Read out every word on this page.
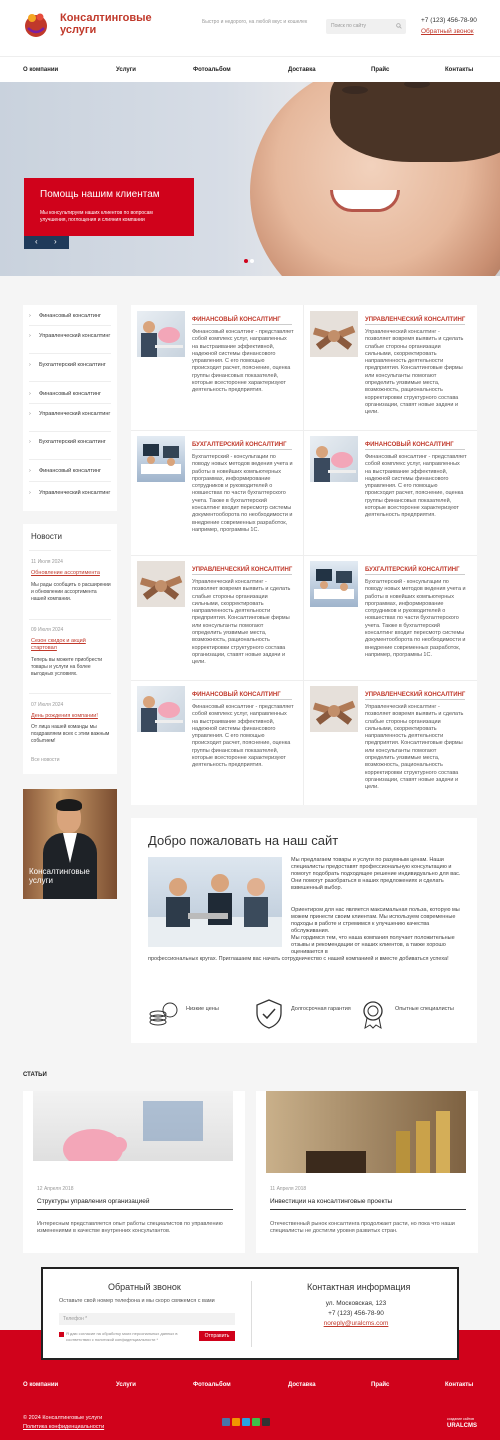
Консалтинговые услуги
Быстро и недорого, на любой вкус и кошелек
Поиск по сайту
+7 (123) 456-78-90
Обратный звонок
О компании	Услуги	Фотоальбом	Доставка	Прайс	Контакты
Помощь нашим клиентам
Мы консультируем наших клиентов по вопросам улучшения, поглощения и слияния компании
‹ ›
› Финансовый консалтинг
› Управленческий консалтинг
› Бухгалтерский консалтинг
› Финансовый консалтинг
› Управленческий консалтинг
› Бухгалтерский консалтинг
› Финансовый консалтинг
› Управленческий консалтинг
Новости
11 Июля 2024
Обновление ассортимента
Мы рады сообщить о расширении и обновлении ассортимента нашей компании.
09 Июля 2024
Сезон скидок и акций стартовал
Теперь вы можете приобрести товары и услуги на более выгодных условиях.
07 Июля 2024
День рождения компании!
От лица нашей команды мы поздравляем всех с этим важным событием!
Все новости
Консалтинговые услуги
ФИНАНСОВЫЙ КОНСАЛТИНГ
Финансовый консалтинг - представляет собой комплекс услуг, направленных на выстраивание эффективной, надежной системы финансового управления. С его помощью происходит расчет, пояснение, оценка группы финансовых показателей, которые всесторонне характеризуют деятельность предприятия.
УПРАВЛЕНЧЕСКИЙ КОНСАЛТИНГ
Управленческий консалтинг - позволяет вовремя выявить и сделать слабые стороны организации сильными, скорректировать направленность деятельности предприятия. Консалтинговые фирмы или консультанты помогают определить уязвимые места, возможность, рациональность корректировки структурного состава организации, ставят новые задачи и цели.
БУХГАЛТЕРСКИЙ КОНСАЛТИНГ
Бухгалтерский - консультации по поводу новых методов ведения учета и работы в новейших компьютерных программах, информирование сотрудников и руководителей о новшествах по части бухгалтерского учета. Также в бухгалтерский консалтинг входит пересмотр системы документооборота по необходимости и внедрение современных разработок, например, программы 1С.
ФИНАНСОВЫЙ КОНСАЛТИНГ
Финансовый консалтинг - представляет собой комплекс услуг, направленных на выстраивание эффективной, надежной системы финансового управления. С его помощью происходит расчет, пояснение, оценка группы финансовых показателей, которые всесторонне характеризуют деятельность предприятия.
УПРАВЛЕНЧЕСКИЙ КОНСАЛТИНГ
Управленческий консалтинг - позволяет вовремя выявить и сделать слабые стороны организации сильными, скорректировать направленность деятельности предприятия. Консалтинговые фирмы или консультанты помогают определить уязвимые места, возможность, рациональность корректировки структурного состава организации, ставят новые задачи и цели.
БУХГАЛТЕРСКИЙ КОНСАЛТИНГ
Бухгалтерский - консультации по поводу новых методов ведения учета и работы в новейших компьютерных программах, информирование сотрудников и руководителей о новшествах по части бухгалтерского учета. Также в бухгалтерский консалтинг входит пересмотр системы документооборота по необходимости и внедрение современных разработок, например, программы 1С.
ФИНАНСОВЫЙ КОНСАЛТИНГ
Финансовый консалтинг - представляет собой комплекс услуг, направленных на выстраивание эффективной, надежной системы финансового управления. С его помощью происходит расчет, пояснение, оценка группы финансовых показателей, которые всесторонне характеризуют деятельность предприятия.
УПРАВЛЕНЧЕСКИЙ КОНСАЛТИНГ
Управленческий консалтинг - позволяет вовремя выявить и сделать слабые стороны организации сильными, скорректировать направленность деятельности предприятия. Консалтинговые фирмы или консультанты помогают определить уязвимые места, возможность, рациональность корректировки структурного состава организации, ставят новые задачи и цели.
Добро пожаловать на наш сайт
Мы предлагаем товары и услуги по разумным ценам. Наши специалисты предоставят профессиональную консультацию и помогут подобрать подходящее решение индивидуально для вас. Они помогут разобраться в наших предложениях и сделать взвешенный выбор.
Ориентиром для нас является максимальная польза, которую мы можем принести своим клиентам. Мы используем современные подходы в работе и стремимся к улучшению качества обслуживания.
Мы гордимся тем, что наша компания получает положительные отзывы и рекомендации от наших клиентов, а также хорошо оценивается в
профессиональных кругах. Приглашаем вас начать сотрудничество с нашей компанией и вместе добиваться успеха!
Низкие цены	Долгосрочная гарантия	Опытные специалисты
СТАТЬИ
12 Апреля 2018
Структуры управления организацией
Интересным представляется опыт работы специалистов по управлению изменениями в качестве внутренних консультантов.
11 Апреля 2018
Инвестиции на консалтинговые проекты
Отечественный рынок консалтинга продолжает расти, но пока что наши специалисты не достигли уровня развитых стран.
Обратный звонок
Оставьте свой номер телефона и мы скоро свяжемся с вами
Телефон *
Я даю согласие на обработку моих персональных данных в соответствии с политикой конфиденциальности *
Отправить
Контактная информация
ул. Московская, 123
+7 (123) 456-78-90
noreply@uralcms.com
О компании	Услуги	Фотоальбом	Доставка	Прайс	Контакты
© 2024 Консалтинговые услуги
Политика конфиденциальности
создание сайтов
URALCMS
